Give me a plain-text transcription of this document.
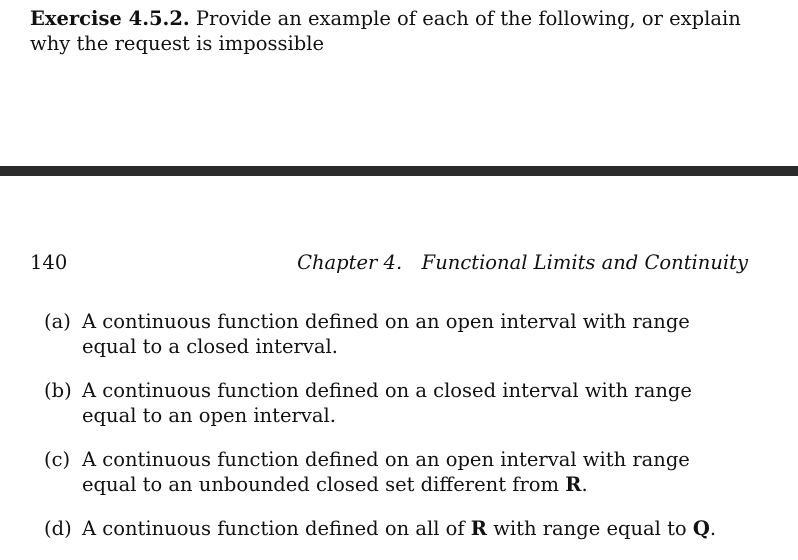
Exercise 4.5.2. Provide an example of each of the following, or explain why the request is impossible
140	Chapter 4. Functional Limits and Continuity
(a) A continuous function defined on an open interval with range equal to a closed interval.
(b) A continuous function defined on a closed interval with range equal to an open interval.
(c) A continuous function defined on an open interval with range equal to an unbounded closed set different from R.
(d) A continuous function defined on all of R with range equal to Q.
